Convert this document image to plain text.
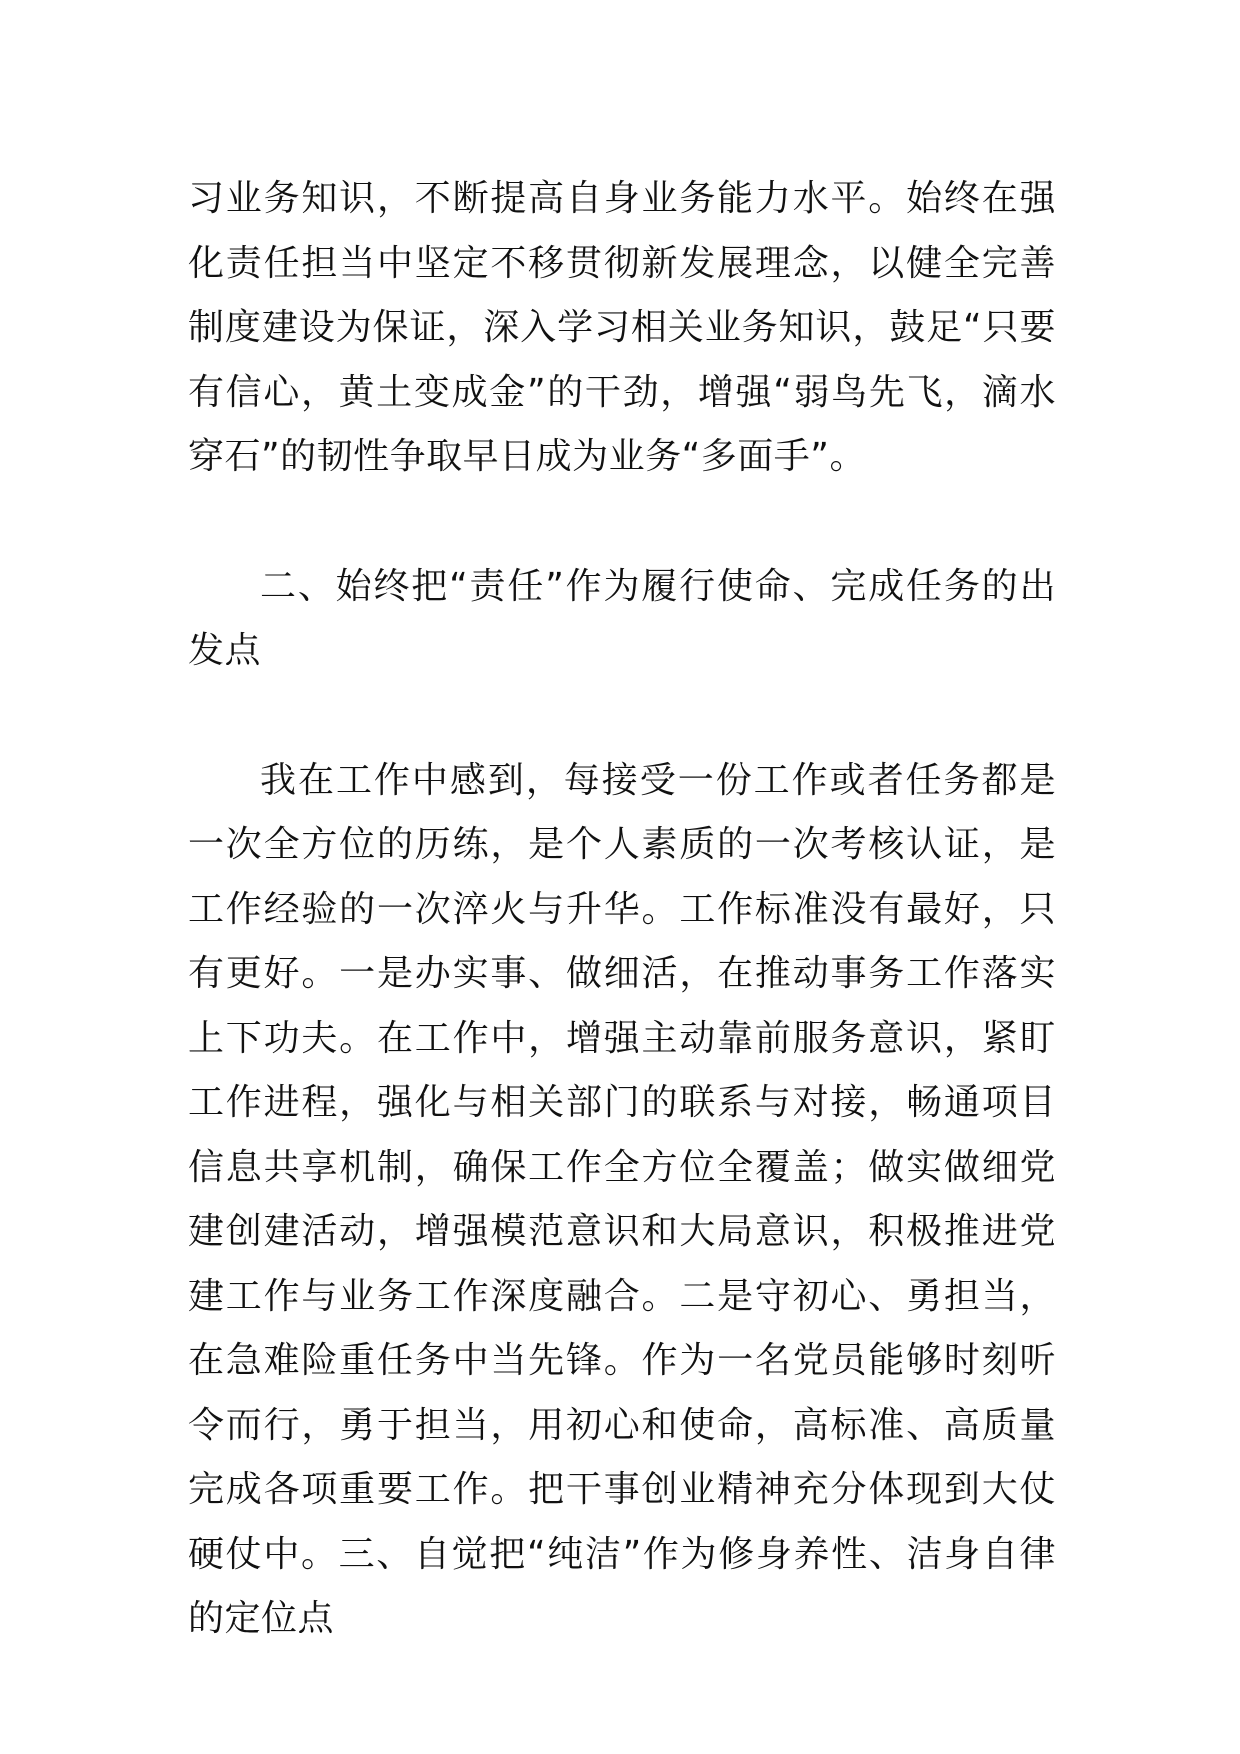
习业务知识，不断提高自身业务能力水平。始终在强化责任担当中坚定不移贯彻新发展理念，以健全完善制度建设为保证，深入学习相关业务知识，鼓足“只要有信心，黄土变成金”的干劲，增强“弱鸟先飞，滴水穿石”的韧性争取早日成为业务“多面手”。

二、始终把“责任”作为履行使命、完成任务的出发点

我在工作中感到，每接受一份工作或者任务都是一次全方位的历练，是个人素质的一次考核认证，是工作经验的一次淬火与升华。工作标准没有最好，只有更好。一是办实事、做细活，在推动事务工作落实上下功夫。在工作中，增强主动靠前服务意识，紧盯工作进程，强化与相关部门的联系与对接，畅通项目信息共享机制，确保工作全方位全覆盖；做实做细党建创建活动，增强模范意识和大局意识，积极推进党建工作与业务工作深度融合。二是守初心、勇担当，在急难险重任务中当先锋。作为一名党员能够时刻听令而行，勇于担当，用初心和使命，高标准、高质量完成各项重要工作。把干事创业精神充分体现到大仗硬仗中。三、自觉把“纯洁”作为修身养性、洁身自律的定位点
